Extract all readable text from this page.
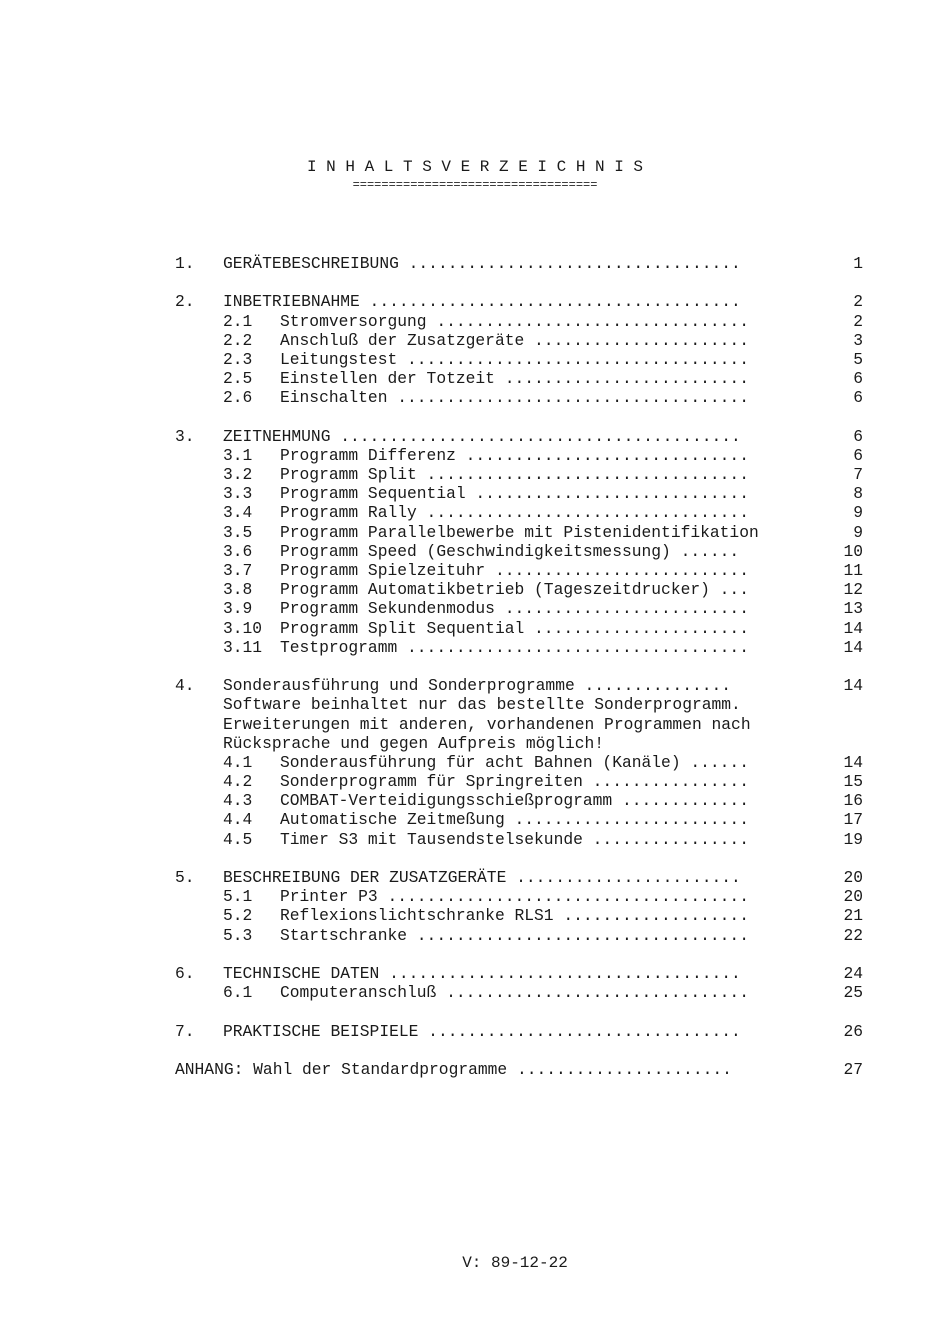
I N H A L T S V E R Z E I C H N I S
==================================
1. GERÄTEBESCHREIBUNG ..................................	1
2. INBETRIEBNAHME ......................................	2
2.1 Stromversorgung ................................	2
2.2 Anschluß der Zusatzgeräte ......................	3
2.3 Leitungstest ...................................	5
2.5 Einstellen der Totzeit .........................	6
2.6 Einschalten ....................................	6
3. ZEITNEHMUNG .........................................	6
3.1 Programm Differenz .............................	6
3.2 Programm Split .................................	7
3.3 Programm Sequential ............................	8
3.4 Programm Rally .................................	9
3.5 Programm Parallelbewerbe mit Pistenidentifikation	9
3.6 Programm Speed (Geschwindigkeitsmessung) ......	10
3.7 Programm Spielzeituhr ..........................	11
3.8 Programm Automatikbetrieb (Tageszeitdrucker) ...	12
3.9 Programm Sekundenmodus .........................	13
3.10 Programm Split Sequential ......................	14
3.11 Testprogramm ...................................	14
4. Sonderausführung und Sonderprogramme ...............	14
Software beinhaltet nur das bestellte Sonderprogramm.
Erweiterungen mit anderen, vorhandenen Programmen nach
Rücksprache und gegen Aufpreis möglich!
4.1 Sonderausführung für acht Bahnen (Kanäle) ......	14
4.2 Sonderprogramm für Springreiten ................	15
4.3 COMBAT-Verteidigungsschießprogramm .............	16
4.4 Automatische Zeitmeßung ........................	17
4.5 Timer S3 mit Tausendstelsekunde ................	19
5. BESCHREIBUNG DER ZUSATZGERÄTE .......................	20
5.1 Printer P3 .....................................	20
5.2 Reflexionslichtschranke RLS1 ...................	21
5.3 Startschranke ..................................	22
6. TECHNISCHE DATEN ....................................	24
6.1 Computeranschluß ...............................	25
7. PRAKTISCHE BEISPIELE ................................	26
ANHANG: Wahl der Standardprogramme ......................	27
V: 89-12-22
